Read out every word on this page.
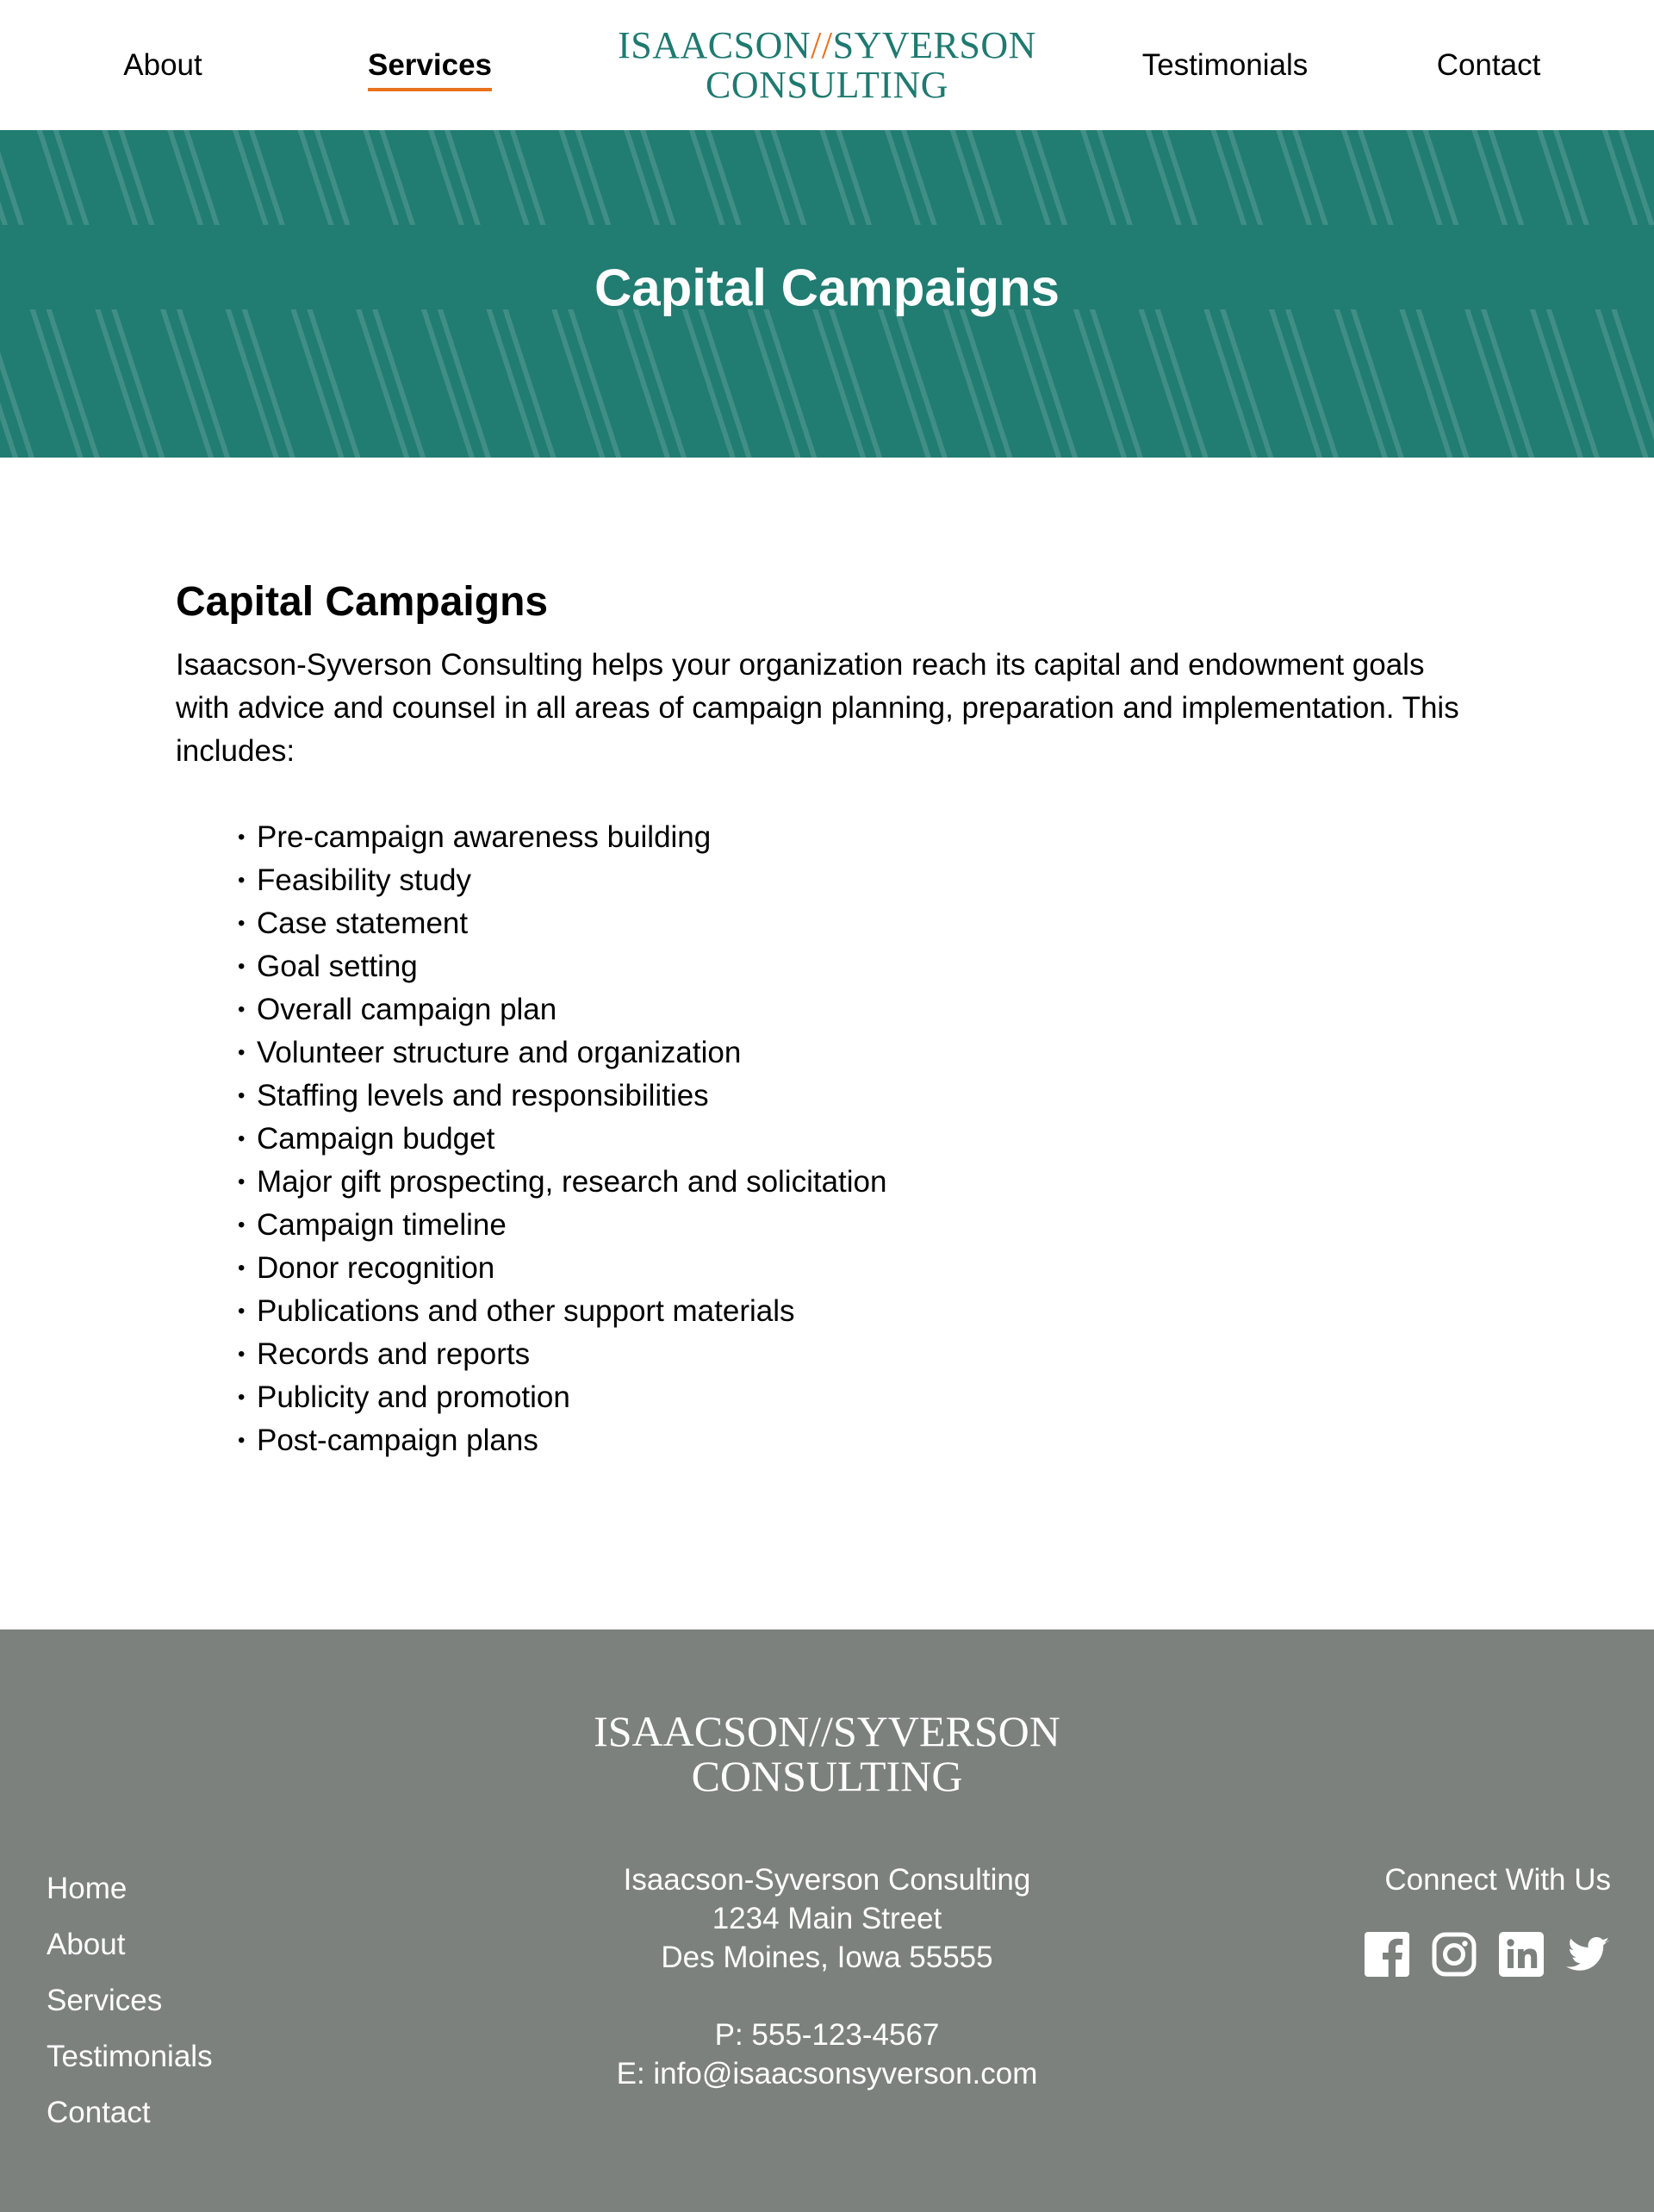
About	Services	Testimonials	Contact
ISAACSON//SYVERSON
CONSULTING
Capital Campaigns
Capital Campaigns

Isaacson-Syverson Consulting helps your organization reach its capital and endowment goals with advice and counsel in all areas of campaign planning, preparation and implementation. This includes:

• Pre-campaign awareness building
• Feasibility study
• Case statement
• Goal setting
• Overall campaign plan
• Volunteer structure and organization
• Staffing levels and responsibilities
• Campaign budget
• Major gift prospecting, research and solicitation
• Campaign timeline
• Donor recognition
• Publications and other support materials
• Records and reports
• Publicity and promotion
• Post-campaign plans
ISAACSON//SYVERSON
CONSULTING
Home
About
Services
Testimonials
Contact
Isaacson-Syverson Consulting
1234 Main Street
Des Moines, Iowa 55555
P: 555-123-4567
E: info@isaacsonsyverson.com
Connect With Us
